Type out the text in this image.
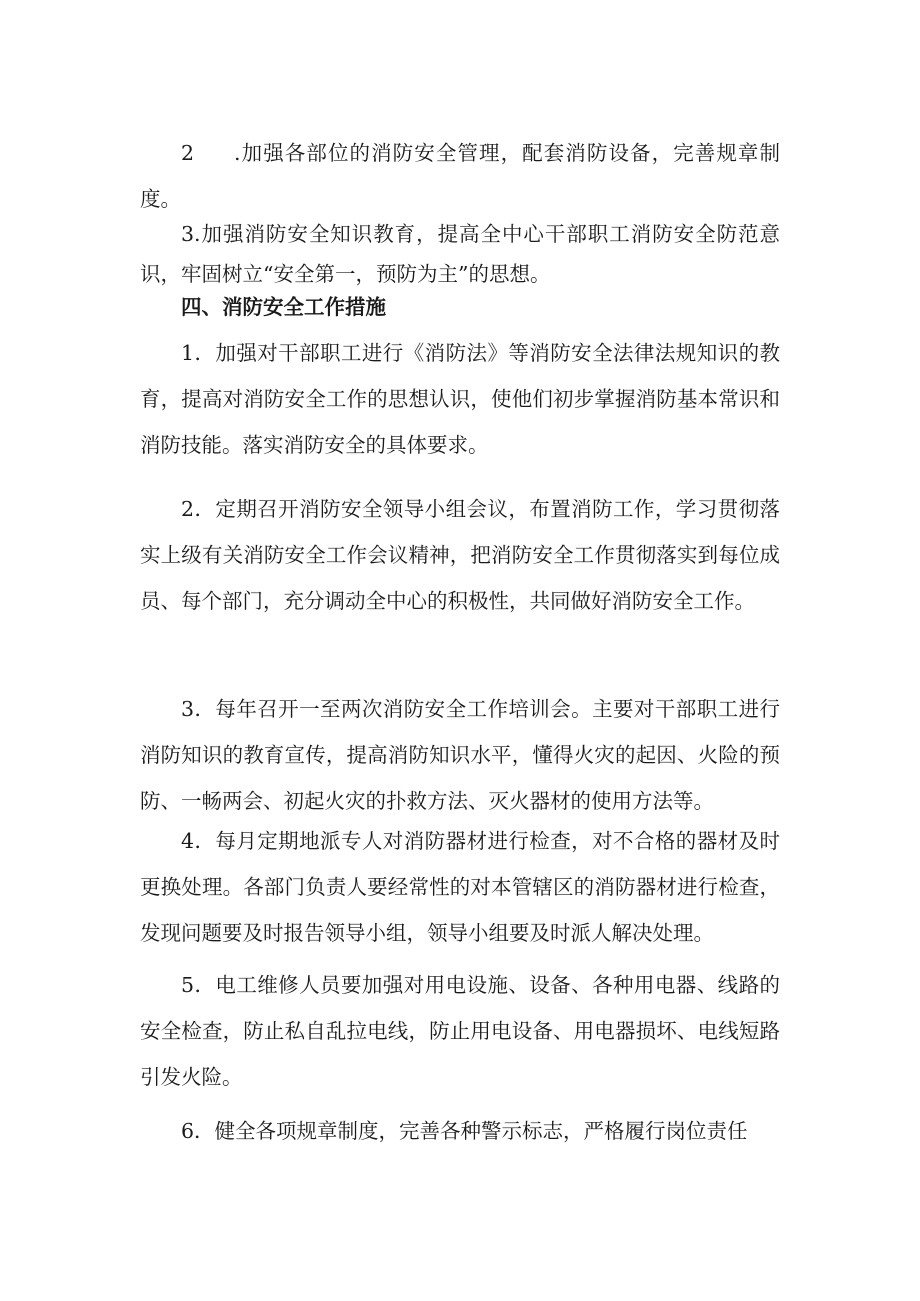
2 .加强各部位的消防安全管理，配套消防设备，完善规章制度。

3.加强消防安全知识教育，提高全中心干部职工消防安全防范意识，牢固树立“安全第一，预防为主”的思想。

四、消防安全工作措施

1．加强对干部职工进行《消防法》等消防安全法律法规知识的教育，提高对消防安全工作的思想认识，使他们初步掌握消防基本常识和消防技能。落实消防安全的具体要求。

2．定期召开消防安全领导小组会议，布置消防工作，学习贯彻落实上级有关消防安全工作会议精神，把消防安全工作贯彻落实到每位成员、每个部门，充分调动全中心的积极性，共同做好消防安全工作。

3．每年召开一至两次消防安全工作培训会。主要对干部职工进行消防知识的教育宣传，提高消防知识水平，懂得火灾的起因、火险的预防、一畅两会、初起火灾的扑救方法、灭火器材的使用方法等。

4．每月定期地派专人对消防器材进行检查，对不合格的器材及时更换处理。各部门负责人要经常性的对本管辖区的消防器材进行检查，发现问题要及时报告领导小组，领导小组要及时派人解决处理。

5．电工维修人员要加强对用电设施、设备、各种用电器、线路的安全检查，防止私自乱拉电线，防止用电设备、用电器损坏、电线短路引发火险。

6．健全各项规章制度，完善各种警示标志，严格履行岗位责任
